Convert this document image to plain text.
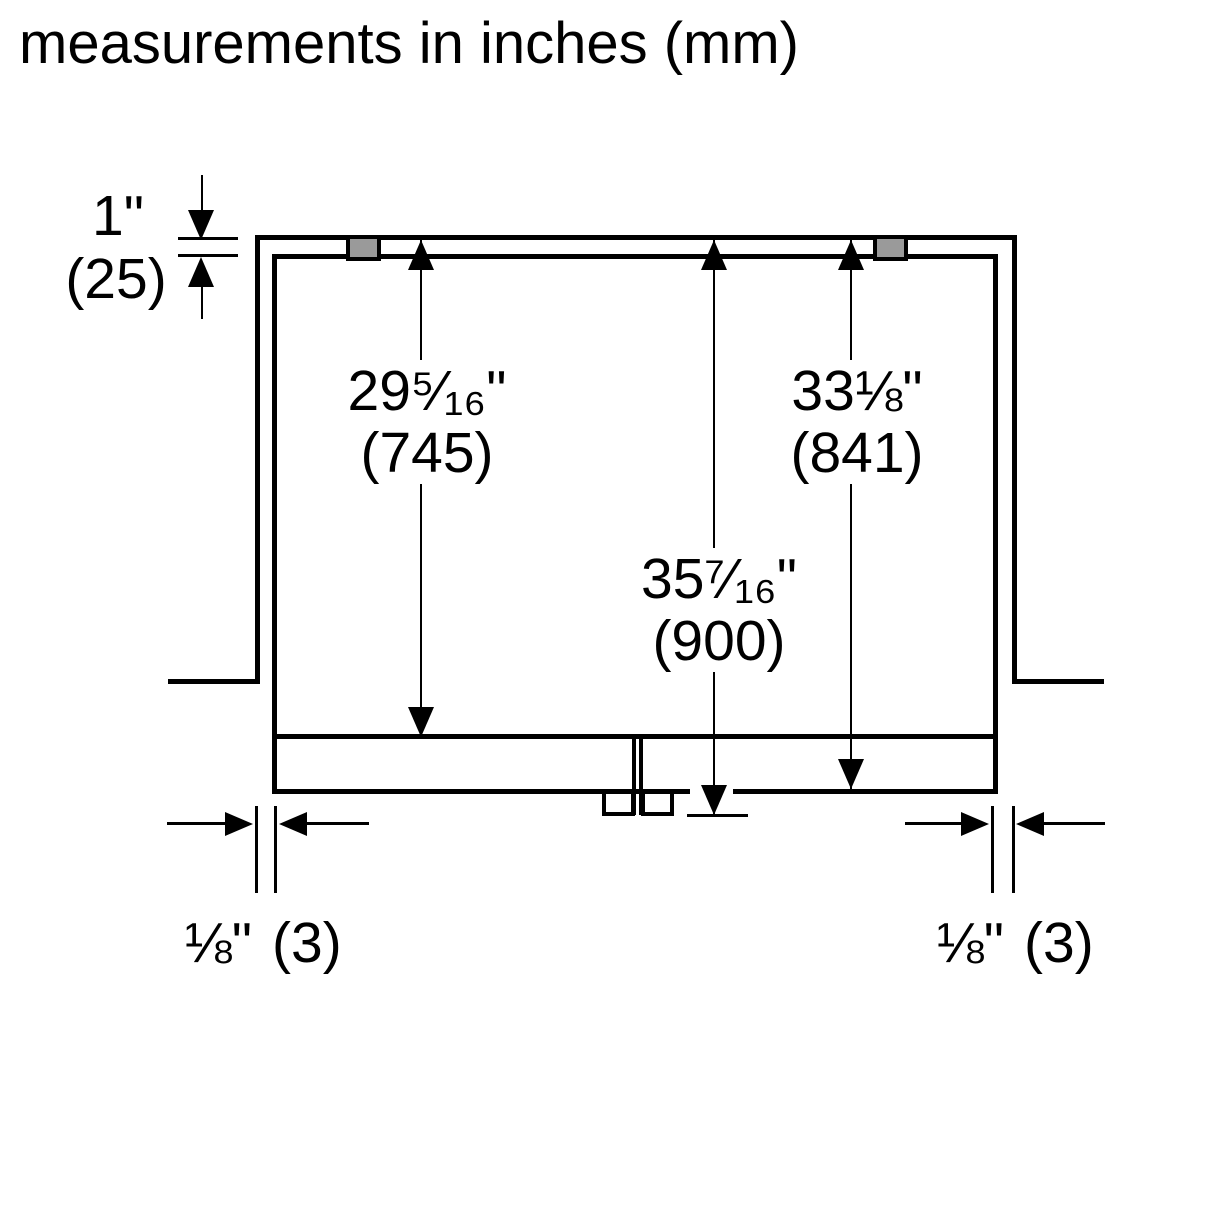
measurements in inches (mm)
1"
(25)
29⁵⁄₁₆"
(745)
33⅛"
(841)
35⁷⁄₁₆"
(900)
⅛" (3)	⅛" (3)
